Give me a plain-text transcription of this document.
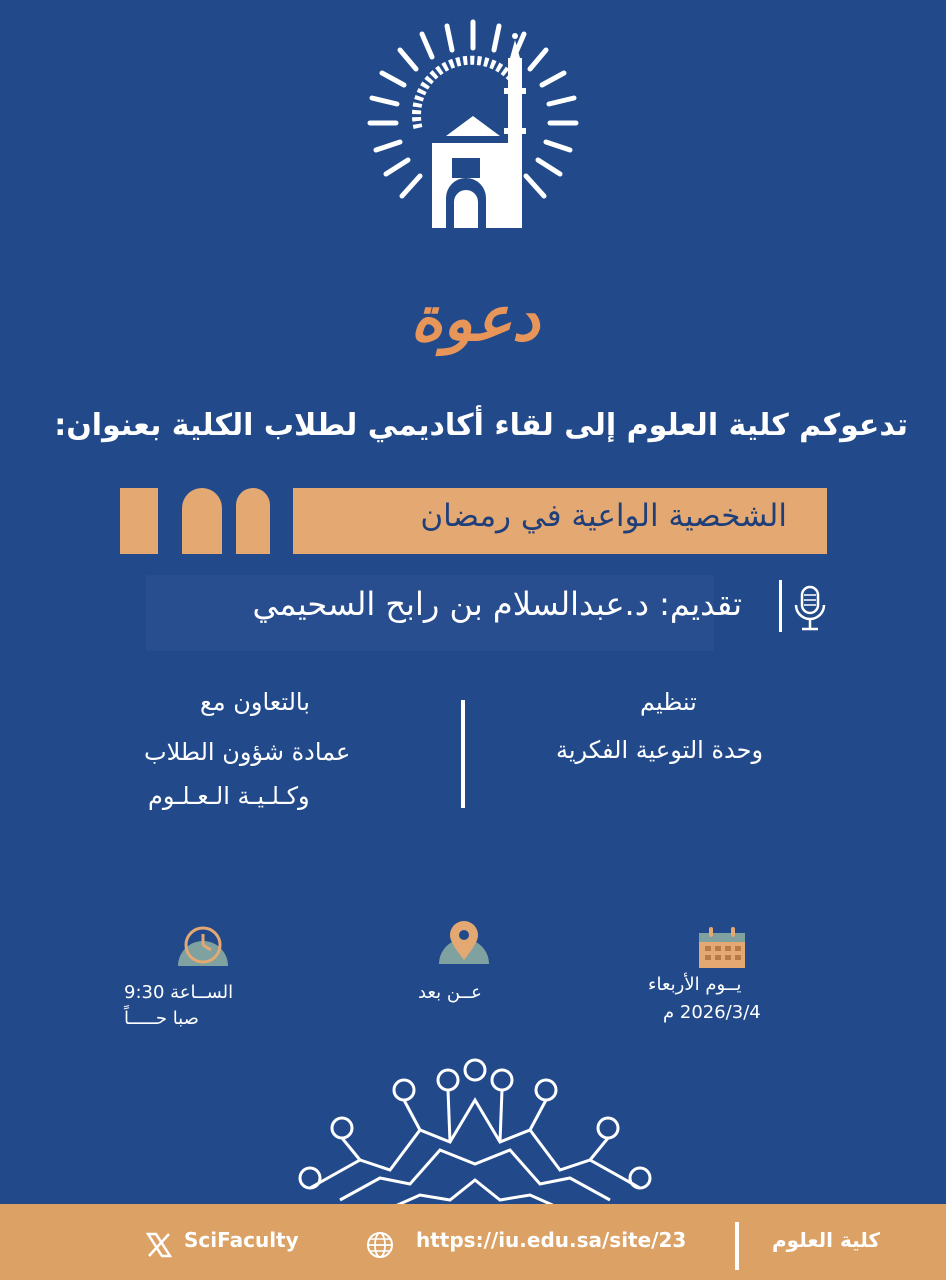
دعوة
تدعوكم كلية العلوم إلى لقاء أكاديمي لطلاب الكلية بعنوان:
الشخصية الواعية في رمضان
تقديم: د.عبدالسلام بن رابح السحيمي
تنظيم
وحدة التوعية الفكرية
بالتعاون مع
عمادة شؤون الطلاب
وكـلـيـة الـعـلـوم
يــوم الأربعاء
2026/3/4 م
عــن بعد
الســاعة 9:30
صبا حـــــاً
SciFaculty	https://iu.edu.sa/site/23	كلية العلوم
